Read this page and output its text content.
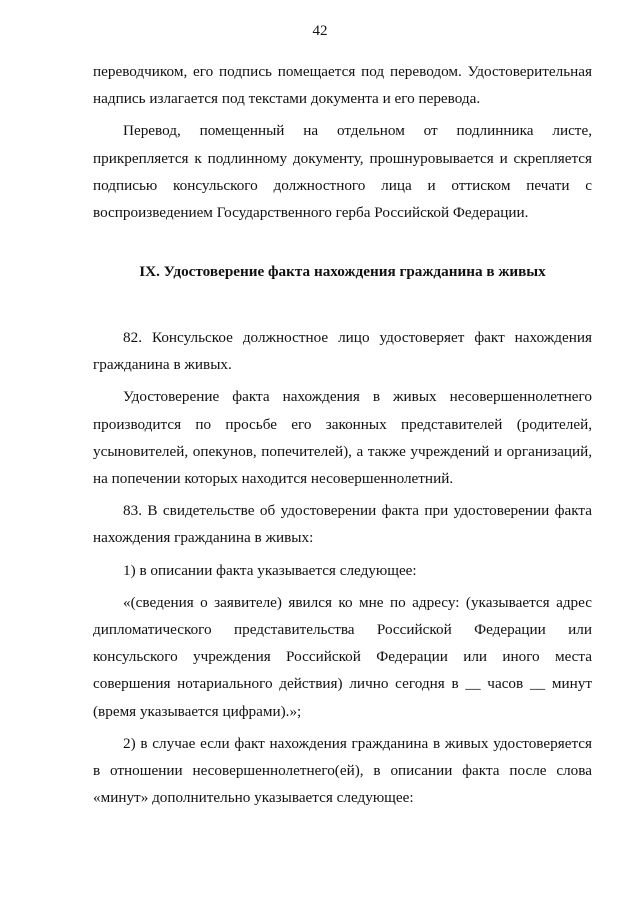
42

переводчиком, его подпись помещается под переводом. Удостоверительная надпись излагается под текстами документа и его перевода.

Перевод, помещенный на отдельном от подлинника листе, прикрепляется к подлинному документу, прошнуровывается и скрепляется подписью консульского должностного лица и оттиском печати с воспроизведением Государственного герба Российской Федерации.

IX. Удостоверение факта нахождения гражданина в живых

82. Консульское должностное лицо удостоверяет факт нахождения гражданина в живых.

Удостоверение факта нахождения в живых несовершеннолетнего производится по просьбе его законных представителей (родителей, усыновителей, опекунов, попечителей), а также учреждений и организаций, на попечении которых находится несовершеннолетний.

83. В свидетельстве об удостоверении факта при удостоверении факта нахождения гражданина в живых:

1) в описании факта указывается следующее:

«(сведения о заявителе) явился ко мне по адресу: (указывается адрес дипломатического представительства Российской Федерации или консульского учреждения Российской Федерации или иного места совершения нотариального действия) лично сегодня в __ часов __ минут (время указывается цифрами).»;

2) в случае если факт нахождения гражданина в живых удостоверяется в отношении несовершеннолетнего(ей), в описании факта после слова «минут» дополнительно указывается следующее:
